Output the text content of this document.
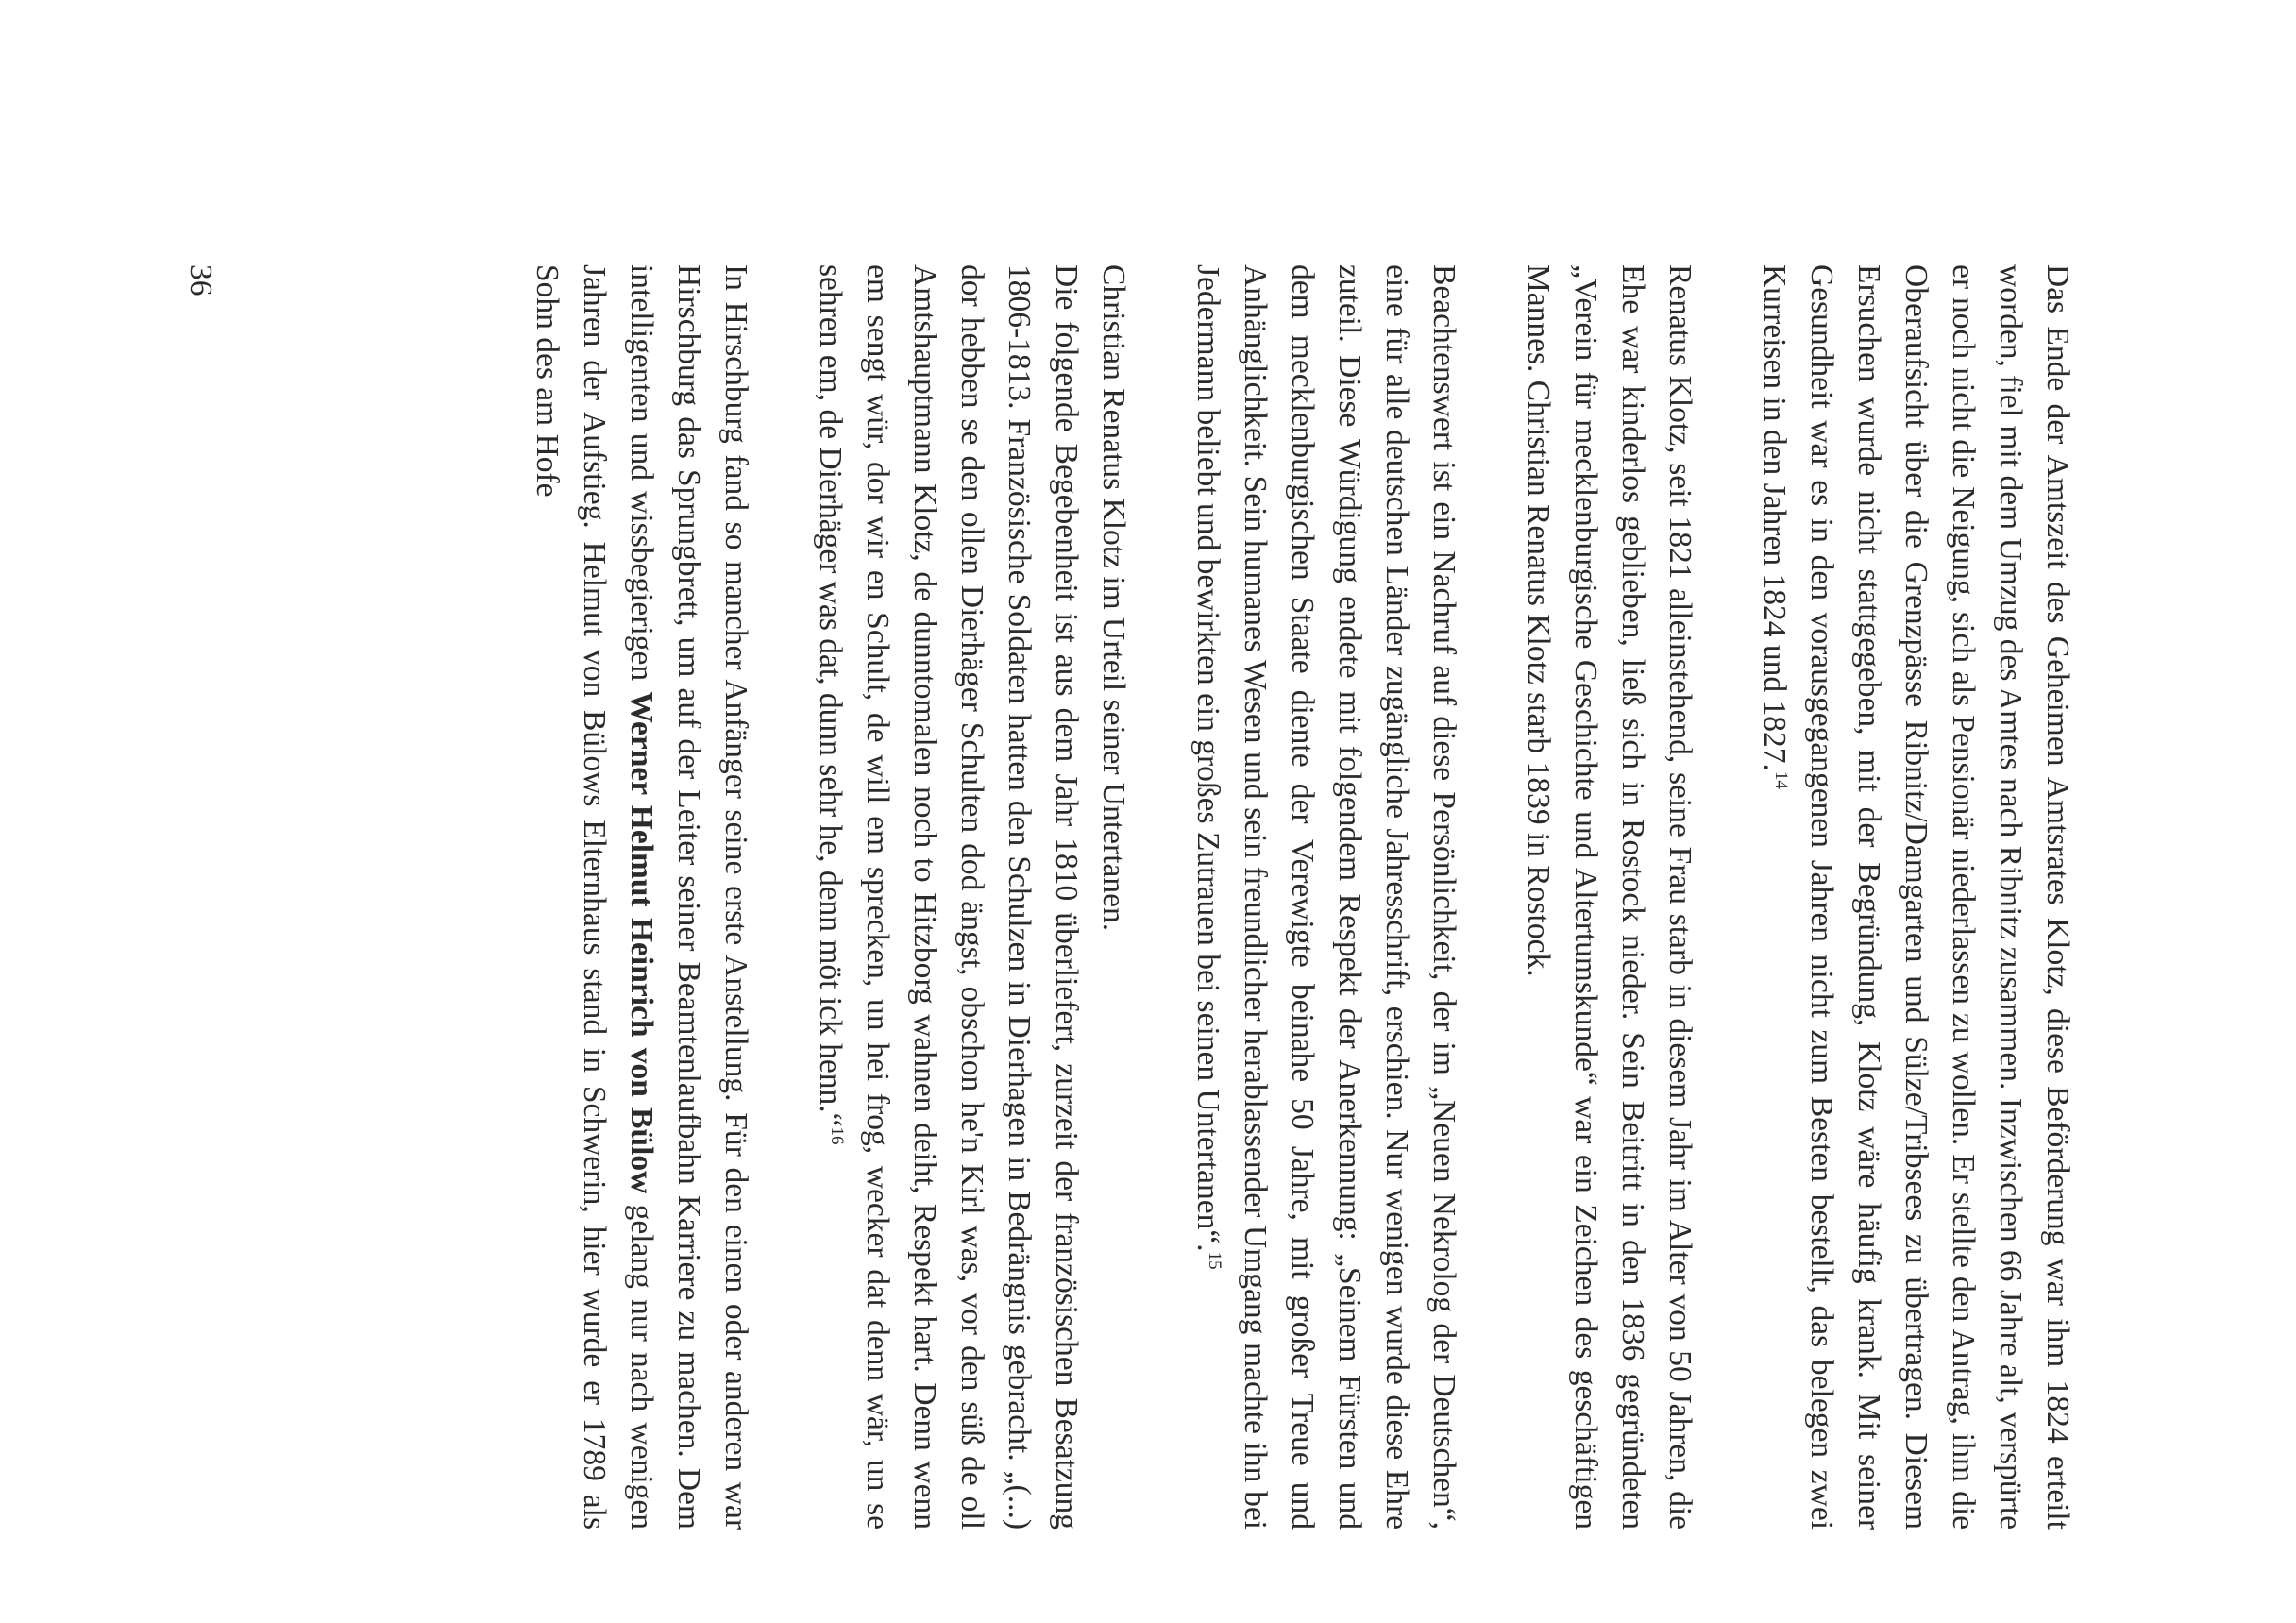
Das Ende der Amtszeit des Geheimen Amtsrates Klotz, diese Beförderung war ihm 1824 erteilt worden, fiel mit dem Umzug des Amtes nach Ribnitz zusammen. Inzwischen 66 Jahre alt, verspürte er noch nicht die Neigung, sich als Pensionär niederlassen zu wollen. Er stellte den Antrag, ihm die Oberaufsicht über die Grenzpässe Ribnitz/Damgarten und Sülze/Tribsees zu übertragen. Diesem Ersuchen wurde nicht stattgegeben, mit der Begründung, Klotz wäre häufig krank. Mit seiner Gesundheit war es in den vorausgegangenen Jahren nicht zum Besten bestellt, das belegen zwei Kurreisen in den Jahren 1824 und 1827.14

Renatus Klotz, seit 1821 alleinstehend, seine Frau starb in diesem Jahr im Alter von 50 Jahren, die Ehe war kinderlos geblieben, ließ sich in Rostock nieder. Sein Beitritt in den 1836 gegründeten „Verein für mecklenburgische Geschichte und Altertumskunde“ war ein Zeichen des geschäftigen Mannes. Christian Renatus Klotz starb 1839 in Rostock.

Beachtenswert ist ein Nachruf auf diese Persönlichkeit, der im „Neuen Nekrolog der Deutschen“, eine für alle deutschen Länder zugängliche Jahresschrift, erschien. Nur wenigen wurde diese Ehre zuteil. Diese Würdigung endete mit folgendem Respekt der Anerkennung: „Seinem Fürsten und dem mecklenburgischen Staate diente der Verewigte beinahe 50 Jahre, mit großer Treue und Anhänglichkeit. Sein humanes Wesen und sein freundlicher herablassender Umgang machte ihn bei Jedermann beliebt und bewirkten ein großes Zutrauen bei seinen Untertanen“.$^{15}$

Christian Renatus Klotz im Urteil seiner Untertanen.

Die folgende Begebenheit ist aus dem Jahr 1810 überliefert, zurzeit der französischen Besatzung 1806-1813. Französische Soldaten hatten den Schulzen in Dierhagen in Bedrängnis gebracht. „(...) dor hebben se den ollen Dierhäger Schulten dod ängst, obschon he'n Kirl was, vor den süß de oll Amtshauptmann Klotz, de dunntomalen noch to Hitzborg wahnen deiht, Respekt hart. Denn wenn em sengt wür, dor wir en Schult, de will em sprecken, un hei frog, wecker dat denn wär, un se sehren em, de Dierhäger was dat, dunn sehr he, denn möt ick henn.“$^{16}$

In Hirschburg fand so mancher Anfänger seine erste Anstellung. Für den einen oder anderen war Hirschburg das Sprungbrett, um auf der Leiter seiner Beamtenlaufbahn Karriere zu machen. Dem intelligenten und wissbegierigen Werner Helmut Heinrich von Bülow gelang nur nach wenigen Jahren der Aufstieg. Helmut von Bülows Elternhaus stand in Schwerin, hier wurde er 1789 als Sohn des am Hofe

36
